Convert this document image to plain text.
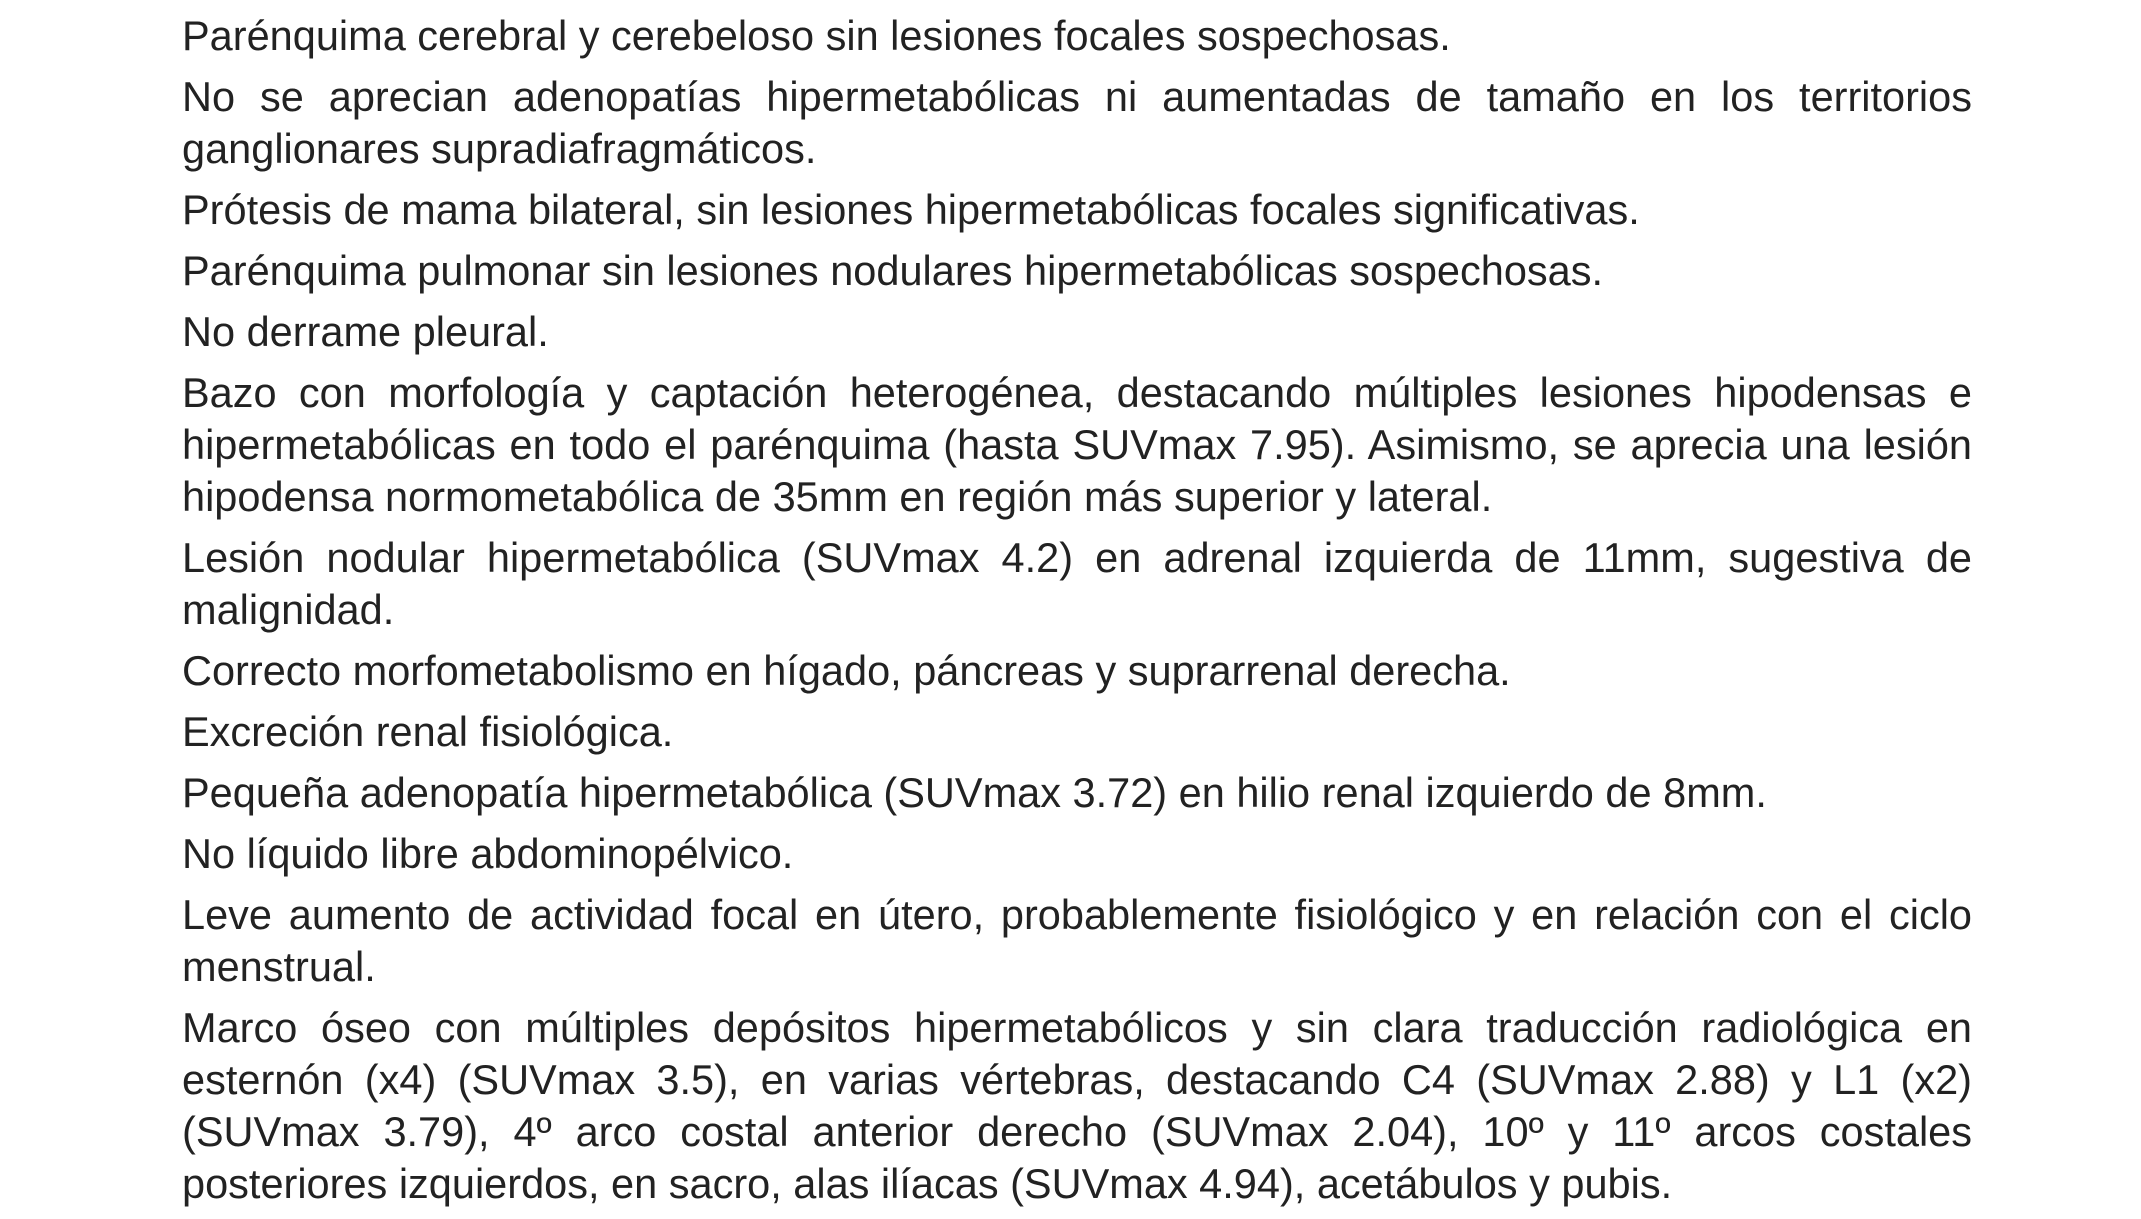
Parénquima cerebral y cerebeloso sin lesiones focales sospechosas.

No se aprecian adenopatías hipermetabólicas ni aumentadas de tamaño en los territorios ganglionares supradiafragmáticos.

Prótesis de mama bilateral, sin lesiones hipermetabólicas focales significativas.

Parénquima pulmonar sin lesiones nodulares hipermetabólicas sospechosas.

No derrame pleural.

Bazo con morfología y captación heterogénea, destacando múltiples lesiones hipodensas e hipermetabólicas en todo el parénquima (hasta SUVmax 7.95). Asimismo, se aprecia una lesión hipodensa normometabólica de 35mm en región más superior y lateral.

Lesión nodular hipermetabólica (SUVmax 4.2) en adrenal izquierda de 11mm, sugestiva de malignidad.

Correcto morfometabolismo en hígado, páncreas y suprarrenal derecha.

Excreción renal fisiológica.

Pequeña adenopatía hipermetabólica (SUVmax 3.72) en hilio renal izquierdo de 8mm.

No líquido libre abdominopélvico.

Leve aumento de actividad focal en útero, probablemente fisiológico y en relación con el ciclo menstrual.

Marco óseo con múltiples depósitos hipermetabólicos y sin clara traducción radiológica en esternón (x4) (SUVmax 3.5), en varias vértebras, destacando C4 (SUVmax 2.88) y L1 (x2) (SUVmax 3.79), 4º arco costal anterior derecho (SUVmax 2.04), 10º y 11º arcos costales posteriores izquierdos, en sacro, alas ilíacas (SUVmax 4.94), acetábulos y pubis.
